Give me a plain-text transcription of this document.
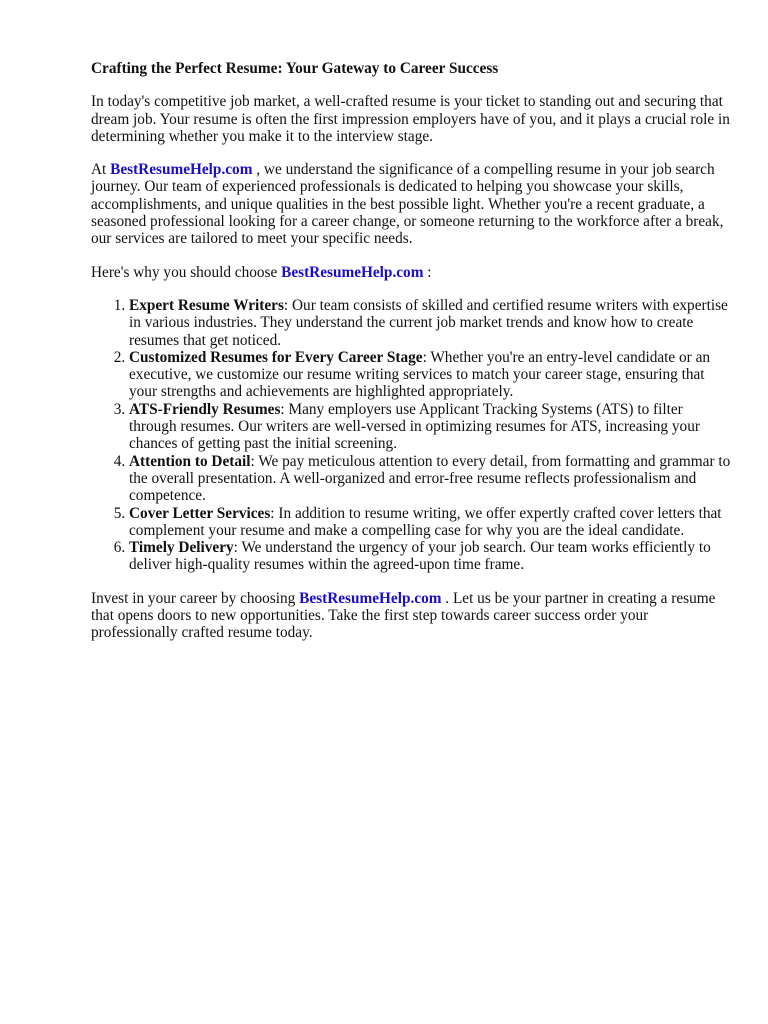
Crafting the Perfect Resume: Your Gateway to Career Success

In today's competitive job market, a well-crafted resume is your ticket to standing out and securing that dream job. Your resume is often the first impression employers have of you, and it plays a crucial role in determining whether you make it to the interview stage.

At BestResumeHelp.com , we understand the significance of a compelling resume in your job search journey. Our team of experienced professionals is dedicated to helping you showcase your skills, accomplishments, and unique qualities in the best possible light. Whether you're a recent graduate, a seasoned professional looking for a career change, or someone returning to the workforce after a break, our services are tailored to meet your specific needs.

Here's why you should choose BestResumeHelp.com :

1. Expert Resume Writers: Our team consists of skilled and certified resume writers with expertise in various industries. They understand the current job market trends and know how to create resumes that get noticed.
2. Customized Resumes for Every Career Stage: Whether you're an entry-level candidate or an executive, we customize our resume writing services to match your career stage, ensuring that your strengths and achievements are highlighted appropriately.
3. ATS-Friendly Resumes: Many employers use Applicant Tracking Systems (ATS) to filter through resumes. Our writers are well-versed in optimizing resumes for ATS, increasing your chances of getting past the initial screening.
4. Attention to Detail: We pay meticulous attention to every detail, from formatting and grammar to the overall presentation. A well-organized and error-free resume reflects professionalism and competence.
5. Cover Letter Services: In addition to resume writing, we offer expertly crafted cover letters that complement your resume and make a compelling case for why you are the ideal candidate.
6. Timely Delivery: We understand the urgency of your job search. Our team works efficiently to deliver high-quality resumes within the agreed-upon time frame.

Invest in your career by choosing BestResumeHelp.com . Let us be your partner in creating a resume that opens doors to new opportunities. Take the first step towards career success order your professionally crafted resume today.
